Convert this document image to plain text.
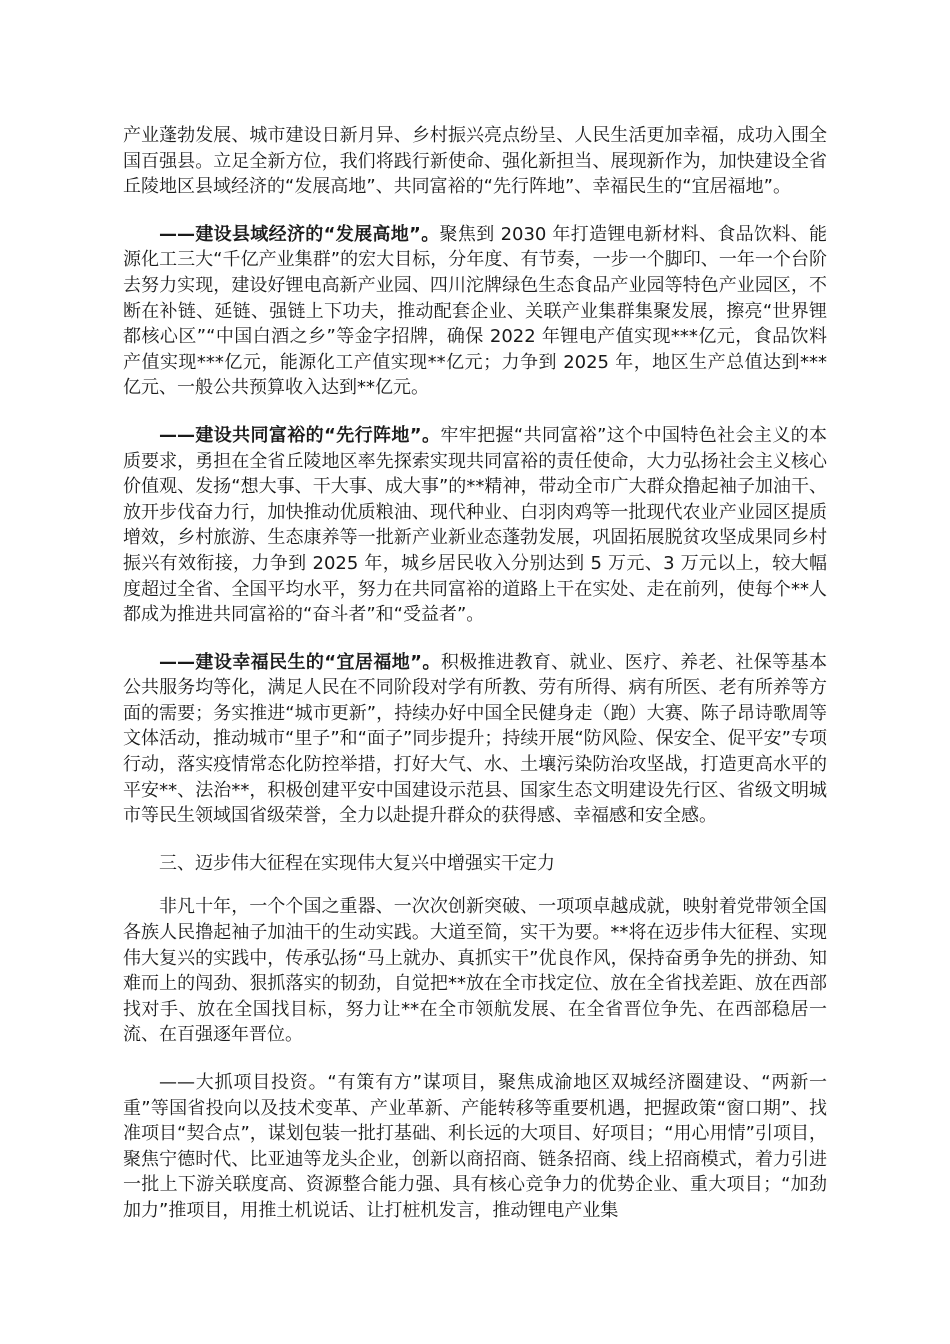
产业蓬勃发展、城市建设日新月异、乡村振兴亮点纷呈、人民生活更加幸福，成功入围全国百强县。立足全新方位，我们将践行新使命、强化新担当、展现新作为，加快建设全省丘陵地区县域经济的“发展高地”、共同富裕的“先行阵地”、幸福民生的“宜居福地”。

——建设县域经济的“发展高地”。聚焦到 2030 年打造锂电新材料、食品饮料、能源化工三大“千亿产业集群”的宏大目标，分年度、有节奏，一步一个脚印、一年一个台阶去努力实现，建设好锂电高新产业园、四川沱牌绿色生态食品产业园等特色产业园区，不断在补链、延链、强链上下功夫，推动配套企业、关联产业集群集聚发展，擦亮“世界锂都核心区”“中国白酒之乡”等金字招牌，确保 2022 年锂电产值实现***亿元，食品饮料产值实现***亿元，能源化工产值实现**亿元；力争到 2025 年，地区生产总值达到***亿元、一般公共预算收入达到**亿元。

——建设共同富裕的“先行阵地”。牢牢把握“共同富裕”这个中国特色社会主义的本质要求，勇担在全省丘陵地区率先探索实现共同富裕的责任使命，大力弘扬社会主义核心价值观、发扬“想大事、干大事、成大事”的**精神，带动全市广大群众撸起袖子加油干、放开步伐奋力行，加快推动优质粮油、现代种业、白羽肉鸡等一批现代农业产业园区提质增效，乡村旅游、生态康养等一批新产业新业态蓬勃发展，巩固拓展脱贫攻坚成果同乡村振兴有效衔接，力争到 2025 年，城乡居民收入分别达到 5 万元、3 万元以上，较大幅度超过全省、全国平均水平，努力在共同富裕的道路上干在实处、走在前列，使每个**人都成为推进共同富裕的“奋斗者”和“受益者”。

——建设幸福民生的“宜居福地”。积极推进教育、就业、医疗、养老、社保等基本公共服务均等化，满足人民在不同阶段对学有所教、劳有所得、病有所医、老有所养等方面的需要；务实推进“城市更新”，持续办好中国全民健身走（跑）大赛、陈子昂诗歌周等文体活动，推动城市“里子”和“面子”同步提升；持续开展“防风险、保安全、促平安”专项行动，落实疫情常态化防控举措，打好大气、水、土壤污染防治攻坚战，打造更高水平的平安**、法治**，积极创建平安中国建设示范县、国家生态文明建设先行区、省级文明城市等民生领域国省级荣誉，全力以赴提升群众的获得感、幸福感和安全感。

三、迈步伟大征程在实现伟大复兴中增强实干定力

非凡十年，一个个国之重器、一次次创新突破、一项项卓越成就，映射着党带领全国各族人民撸起袖子加油干的生动实践。大道至简，实干为要。**将在迈步伟大征程、实现伟大复兴的实践中，传承弘扬“马上就办、真抓实干”优良作风，保持奋勇争先的拼劲、知难而上的闯劲、狠抓落实的韧劲，自觉把**放在全市找定位、放在全省找差距、放在西部找对手、放在全国找目标，努力让**在全市领航发展、在全省晋位争先、在西部稳居一流、在百强逐年晋位。

——大抓项目投资。“有策有方”谋项目，聚焦成渝地区双城经济圈建设、“两新一重”等国省投向以及技术变革、产业革新、产能转移等重要机遇，把握政策“窗口期”、找准项目“契合点”，谋划包装一批打基础、利长远的大项目、好项目；“用心用情”引项目，聚焦宁德时代、比亚迪等龙头企业，创新以商招商、链条招商、线上招商模式，着力引进一批上下游关联度高、资源整合能力强、具有核心竞争力的优势企业、重大项目；“加劲加力”推项目，用推土机说话、让打桩机发言，推动锂电产业集
